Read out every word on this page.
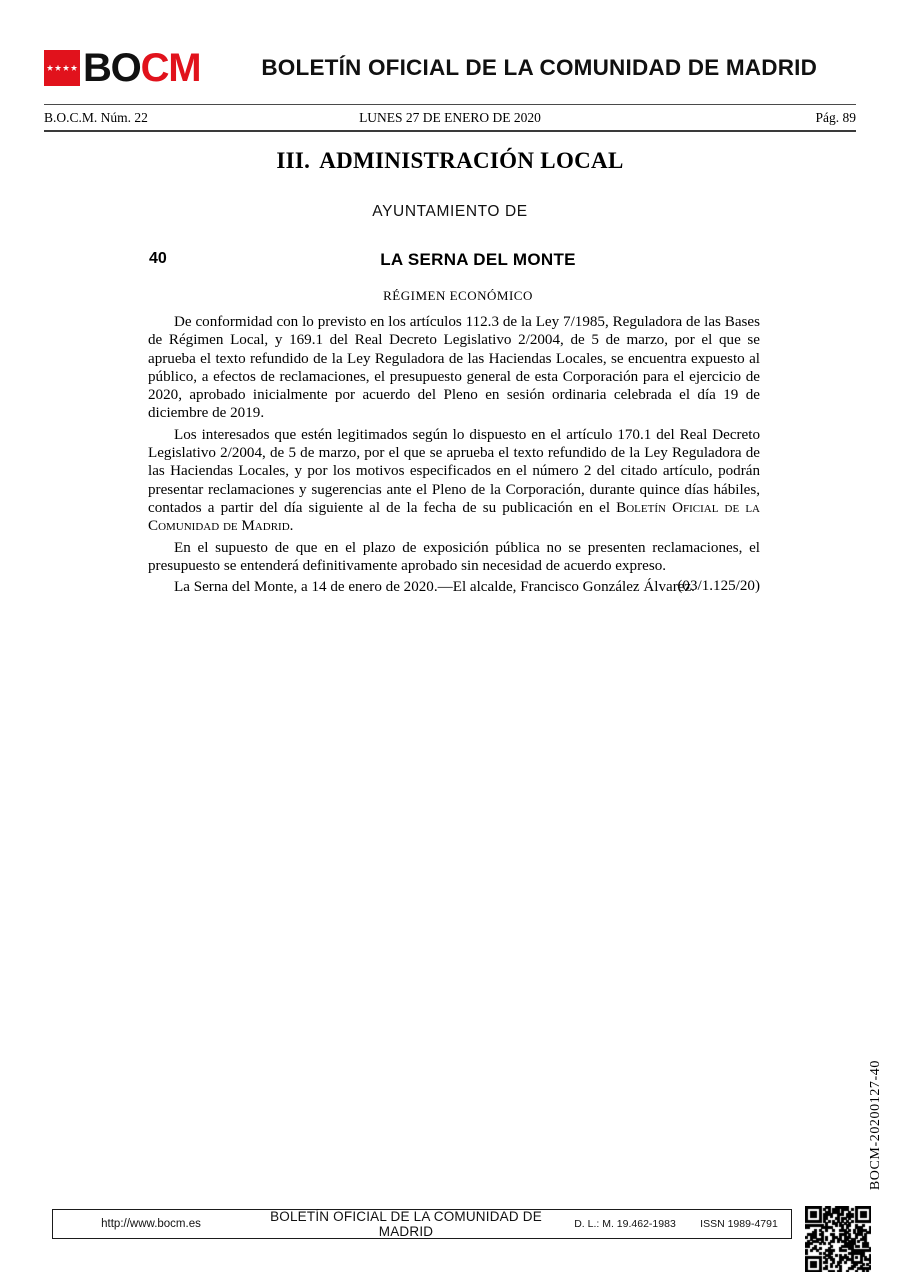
BO CM	BOLETÍN OFICIAL DE LA COMUNIDAD DE MADRID
B.O.C.M. Núm. 22	LUNES 27 DE ENERO DE 2020	Pág. 89
III. ADMINISTRACIÓN LOCAL
AYUNTAMIENTO DE
40	LA SERNA DEL MONTE
RÉGIMEN ECONÓMICO

De conformidad con lo previsto en los artículos 112.3 de la Ley 7/1985, Reguladora de las Bases de Régimen Local, y 169.1 del Real Decreto Legislativo 2/2004, de 5 de marzo, por el que se aprueba el texto refundido de la Ley Reguladora de las Haciendas Locales, se encuentra expuesto al público, a efectos de reclamaciones, el presupuesto general de esta Corporación para el ejercicio de 2020, aprobado inicialmente por acuerdo del Pleno en sesión ordinaria celebrada el día 19 de diciembre de 2019.

Los interesados que estén legitimados según lo dispuesto en el artículo 170.1 del Real Decreto Legislativo 2/2004, de 5 de marzo, por el que se aprueba el texto refundido de la Ley Reguladora de las Haciendas Locales, y por los motivos especificados en el número 2 del citado artículo, podrán presentar reclamaciones y sugerencias ante el Pleno de la Corporación, durante quince días hábiles, contados a partir del día siguiente al de la fecha de su publicación en el Boletín Oficial de la Comunidad de Madrid.

En el supuesto de que en el plazo de exposición pública no se presenten reclamaciones, el presupuesto se entenderá definitivamente aprobado sin necesidad de acuerdo expreso.

La Serna del Monte, a 14 de enero de 2020.—El alcalde, Francisco González Álvarez.

(03/1.125/20)
BOCM-20200127-40
http://www.bocm.es	BOLETÍN OFICIAL DE LA COMUNIDAD DE MADRID	D. L.: M. 19.462-1983	ISSN 1989-4791
